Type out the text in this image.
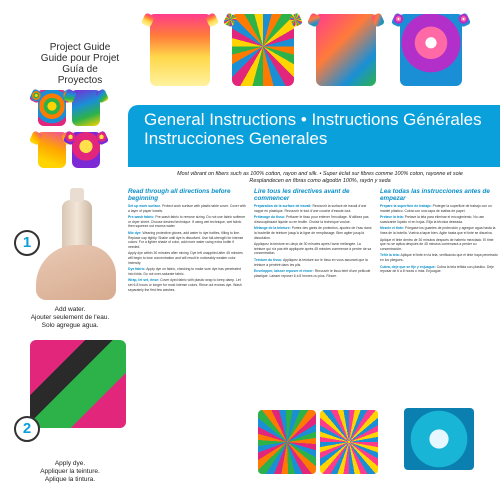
Project Guide
Guide pour Projet
Guía de Proyectos
General Instructions • Instructions Générales
Instrucciones Generales
Most vibrant on fibers such as 100% cotton, rayon and silk. • Super éclat sur fibres comme 100% coton, rayonne et soie
Resplandecen en fibras como algodón 100%, rayón y seda
1
Add water.
Ajouter seulement de l'eau.
Solo agregue agua.
2
Apply dye.
Appliquer la teinture.
Aplique la tintura.
Read through all directions before beginning

Set up work surface. Protect work surface with plastic table cover. Cover with a layer of paper towels.

Pre-wash fabric: Pre-wash fabric to remove sizing. Do not use fabric softener or dryer sheet. Choose desired technique. If using wet technique, wet fabric then squeeze out excess water.

Mix dye: Wearing protective gloves, add water to dye bottles, filling to line. Replace cap tightly. Shake until dye is dissolved. Use full-strength for intense colors. For a lighter shade of color, add more water using extra bottle if needed.

Apply dye within 30 minutes after mixing. Dye left unapplied after 45 minutes will begin to lose concentration and will result in noticeably weaker color intensity.

Dye fabric: Apply dye on fabric, checking to make sure dye has penetrated into folds. Do not over-saturate fabric.

Wrap, let set, rinse: Cover dyed fabric with plastic wrap to keep damp. Let set 6-8 hours or longer for most intense colors. Rinse out excess dye. Wash separately the first few washes.

Lire tous les directives avant de commencer

Préparation de la surface de travail: Recouvrir la surface de travail d'une nappe en plastique. Recouvrir le tout d'une couche d'essuie-tout.

Prélavage du tissu: Prélaver le tissu pour enlever l'encollage. N'utilisez pas d'assouplissant liquide ou en feuille. Choisir la technique voulue.

Mélange de la teinture: Portez des gants de protection, ajoutez de l'eau dans la bouteille de teinture jusqu'à la ligne de remplissage. Bien agiter jusqu'à dissolution.

Appliquez la teinture en-deçà de 30 minutes après l'avoir mélangée. La teinture qui n'a pas été appliquée après 45 minutes commence à perdre de sa concentration.

Teinture du tissu: Appliquez la teinture sur le tissu en vous assurant que la teinture a pénétré dans les plis.

Envelopper, laisser reposer et rincer: Recouvrir le tissu teint d'une pellicule plastique. Laisser reposer 6 à 8 heures ou plus. Rincer.

Lea todas las instrucciones antes de empezar

Prepare la superficie de trabajo: Proteger la superficie de trabajo con un mantel plástico. Cubra con una capa de toallas de papel.

Prelave la tela: Prelave la tela para eliminar el encogimiento. No use suavizante líquido ni en hojas. Elija la técnica deseada.

Mezcle el tinte: Póngase los guantes de protección y agregue agua hasta la línea de la botella. Vuelva a tapar bien. Agite hasta que el tinte se disuelva.

Aplique el tinte dentro de 30 minutos después de haberlo mezclado. El tinte que no se aplica después de 45 minutos comenzará a perder su concentración.

Teñir la tela: Aplique el tinte en la tela, verificando que el tinte haya penetrado en los pliegues.

Cubra, deje que se fije y enjuague: Cubra la tela teñida con plástico. Deje reposar de 6 a 8 horas o más. Enjuague.
